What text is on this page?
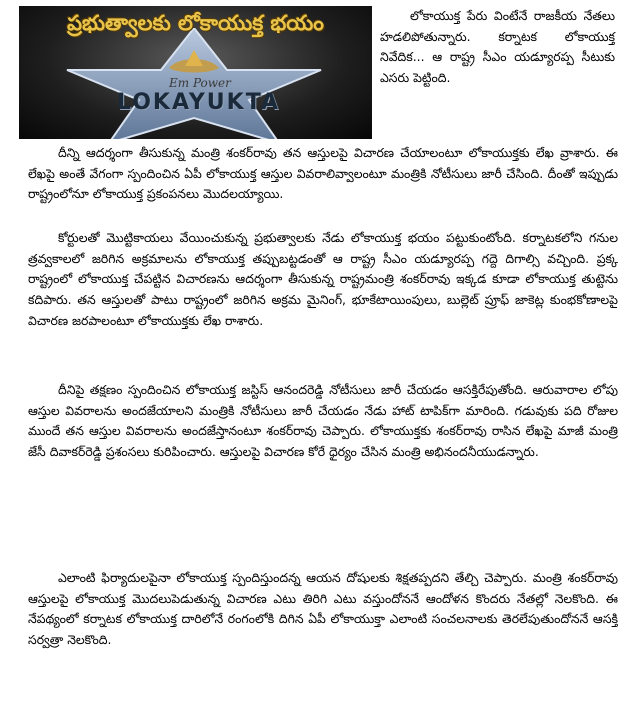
ప్రభుత్వాలకు లోకాయుక్త భయం
Em Power
LOKAYUKTA

లోకాయుక్త పేరు వింటేనే రాజకీయ నేతలు హడలిపోతున్నారు. కర్నాటక లోకాయుక్త నివేదిక... ఆ రాష్ట్ర సీఎం యడ్యూరప్ప సీటుకు ఎసరు పెట్టింది.

దీన్ని ఆదర్శంగా తీసుకున్న మంత్రి శంకర్‌రావు తన ఆస్తులపై విచారణ చేయాలంటూ లోకాయుక్తకు లేఖ వ్రాశారు. ఈ లేఖపై అంతే వేగంగా స్పందించిన ఏపీ లోకాయుక్త ఆస్తుల వివరాలివ్వాలంటూ మంత్రికి నోటీసులు జారీ చేసింది. దీంతో ఇప్పుడు రాష్ట్రంలోనూ లోకాయుక్త ప్రకంపనలు మొదలయ్యాయి.

కోర్టులతో మొట్టికాయలు వేయించుకున్న ప్రభుత్వాలకు నేడు లోకాయుక్త భయం పట్టుకుంటోంది. కర్నాటకలోని గనుల త్రవ్వకాలలో జరిగిన అక్రమాలను లోకాయుక్త తప్పుబట్టడంతో ఆ రాష్ట్ర సీఎం యడ్యూరప్ప గద్దె దిగాల్సి వచ్చింది. ప్రక్క రాష్ట్రంలో లోకాయుక్త చేపట్టిన విచారణను ఆదర్శంగా తీసుకున్న రాష్ట్రమంత్రి శంకర్‌రావు ఇక్కడ కూడా లోకాయుక్త తుట్టెను కదిపారు. తన ఆస్తులతో పాటు రాష్ట్రంలో జరిగిన అక్రమ మైనింగ్, భూకేటాయింపులు, బుల్లెట్ ప్రూఫ్ జాకెట్ల కుంభకోణాలపై విచారణ జరపాలంటూ లోకాయుక్తకు లేఖ రాశారు.

దీనిపై తక్షణం స్పందించిన లోకాయుక్త జస్టిస్ ఆనందరెడ్డి నోటీసులు జారీ చేయడం ఆసక్తిరేపుతోంది. ఆరువారాల లోపు ఆస్తుల వివరాలను అందజేయాలని మంత్రికి నోటీసులు జారీ చేయడం నేడు హాట్ టాపిక్‌గా మారింది. గడువుకు పది రోజుల ముందే తన ఆస్తుల వివరాలను అందజేస్తానంటూ శంకర్‌రావు చెప్పారు. లోకాయుక్తకు శంకర్‌రావు రాసిన లేఖపై మాజీ మంత్రి జేసీ దివాకర్‌రెడ్డి ప్రశంసలు కురిపించారు. ఆస్తులపై విచారణ కోరే ధైర్యం చేసిన మంత్రి అభినందనీయుడన్నారు.

ఎలాంటి ఫిర్యాదులపైనా లోకాయుక్త స్పందిస్తుందన్న ఆయన దోషులకు శిక్షతప్పదని తేల్చి చెప్పారు. మంత్రి శంకర్‌రావు ఆస్తులపై లోకాయుక్త మొదలుపెడుతున్న విచారణ ఎటు తిరిగి ఎటు వస్తుందోననే ఆందోళన కొందరు నేతల్లో నెలకొంది. ఈ నేపథ్యంలో కర్నాటక లోకాయుక్త దారిలోనే రంగంలోకి దిగిన ఏపీ లోకాయుక్తా ఎలాంటి సంచలనాలకు తెరలేపుతుందోననే ఆసక్తి సర్వత్రా నెలకొంది.
